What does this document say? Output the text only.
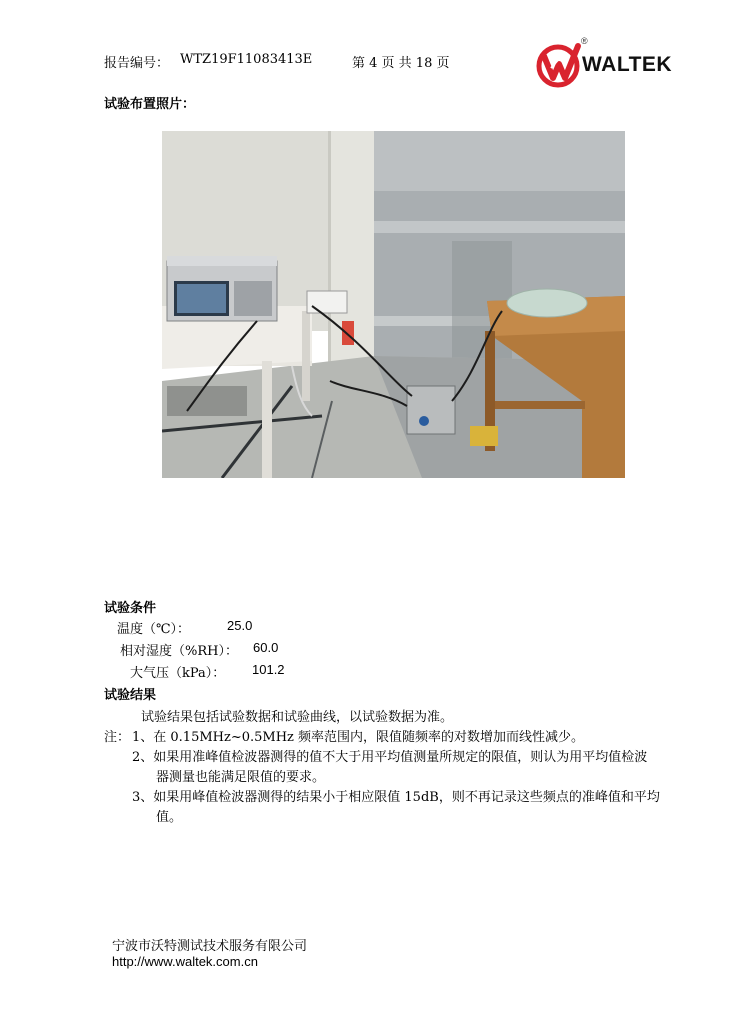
报告编号： WTZ19F11083413E	第 4 页 共 18 页	WALTEK
®
试验布置照片：
试验条件
温度（℃）：	25.0
相对湿度（%RH）： 60.0
大气压（kPa）： 101.2
试验结果
试验结果包括试验数据和试验曲线，以试验数据为准。
注： 1、在 0.15MHz~0.5MHz 频率范围内，限值随频率的对数增加而线性减少。
2、如果用准峰值检波器测得的值不大于用平均值测量所规定的限值，则认为用平均值检波
器测量也能满足限值的要求。
3、如果用峰值检波器测得的结果小于相应限值 15dB，则不再记录这些频点的准峰值和平均
值。
宁波市沃特测试技术服务有限公司
http://www.waltek.com.cn
